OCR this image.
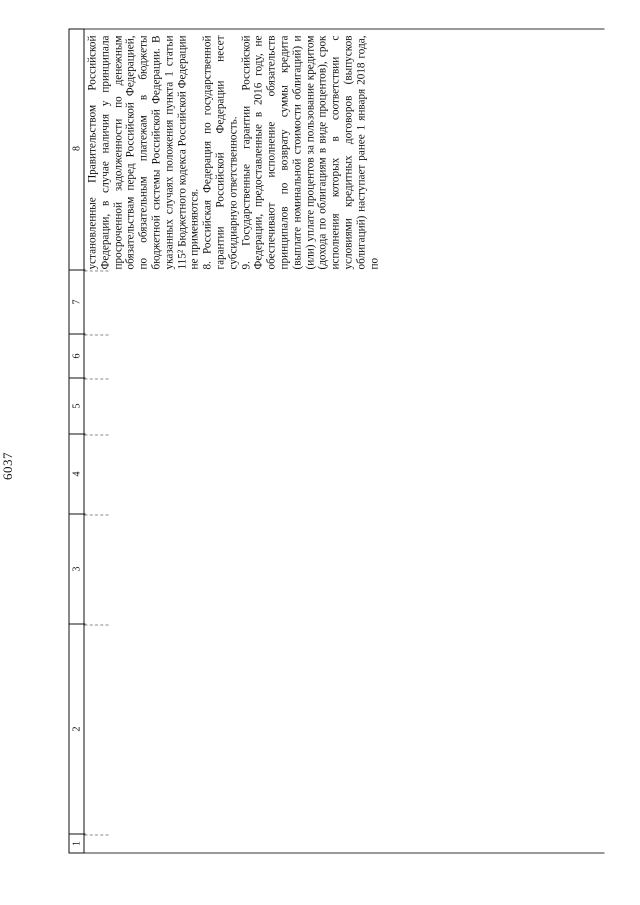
6037
1
2
3
4
5
6
7
8 установленные Правительством Российской Федерации, в случае наличия у принципала просроченной задолженности по денежным обязательствам перед Российской Федерацией, по обязательным платежам в бюджеты бюджетной системы Российской Федерации. В указанных случаях положения пункта 1 статьи 115² Бюджетного кодекса Российской Федерации не применяются. 8. Российская Федерация по государственной гарантии Российской Федерации несет субсидиарную ответственность. 9. Государственные гарантии Российской Федерации, предоставленные в 2016 году, не обеспечивают исполнение обязательств принципалов по возврату суммы кредита (выплате номинальной стоимости облигаций) и (или) уплате процентов за пользование кредитом (дохода по облигациям в виде процентов), срок исполнения которых в соответствии с условиями кредитных договоров (выпусков облигаций) наступает ранее 1 января 2018 года, по
